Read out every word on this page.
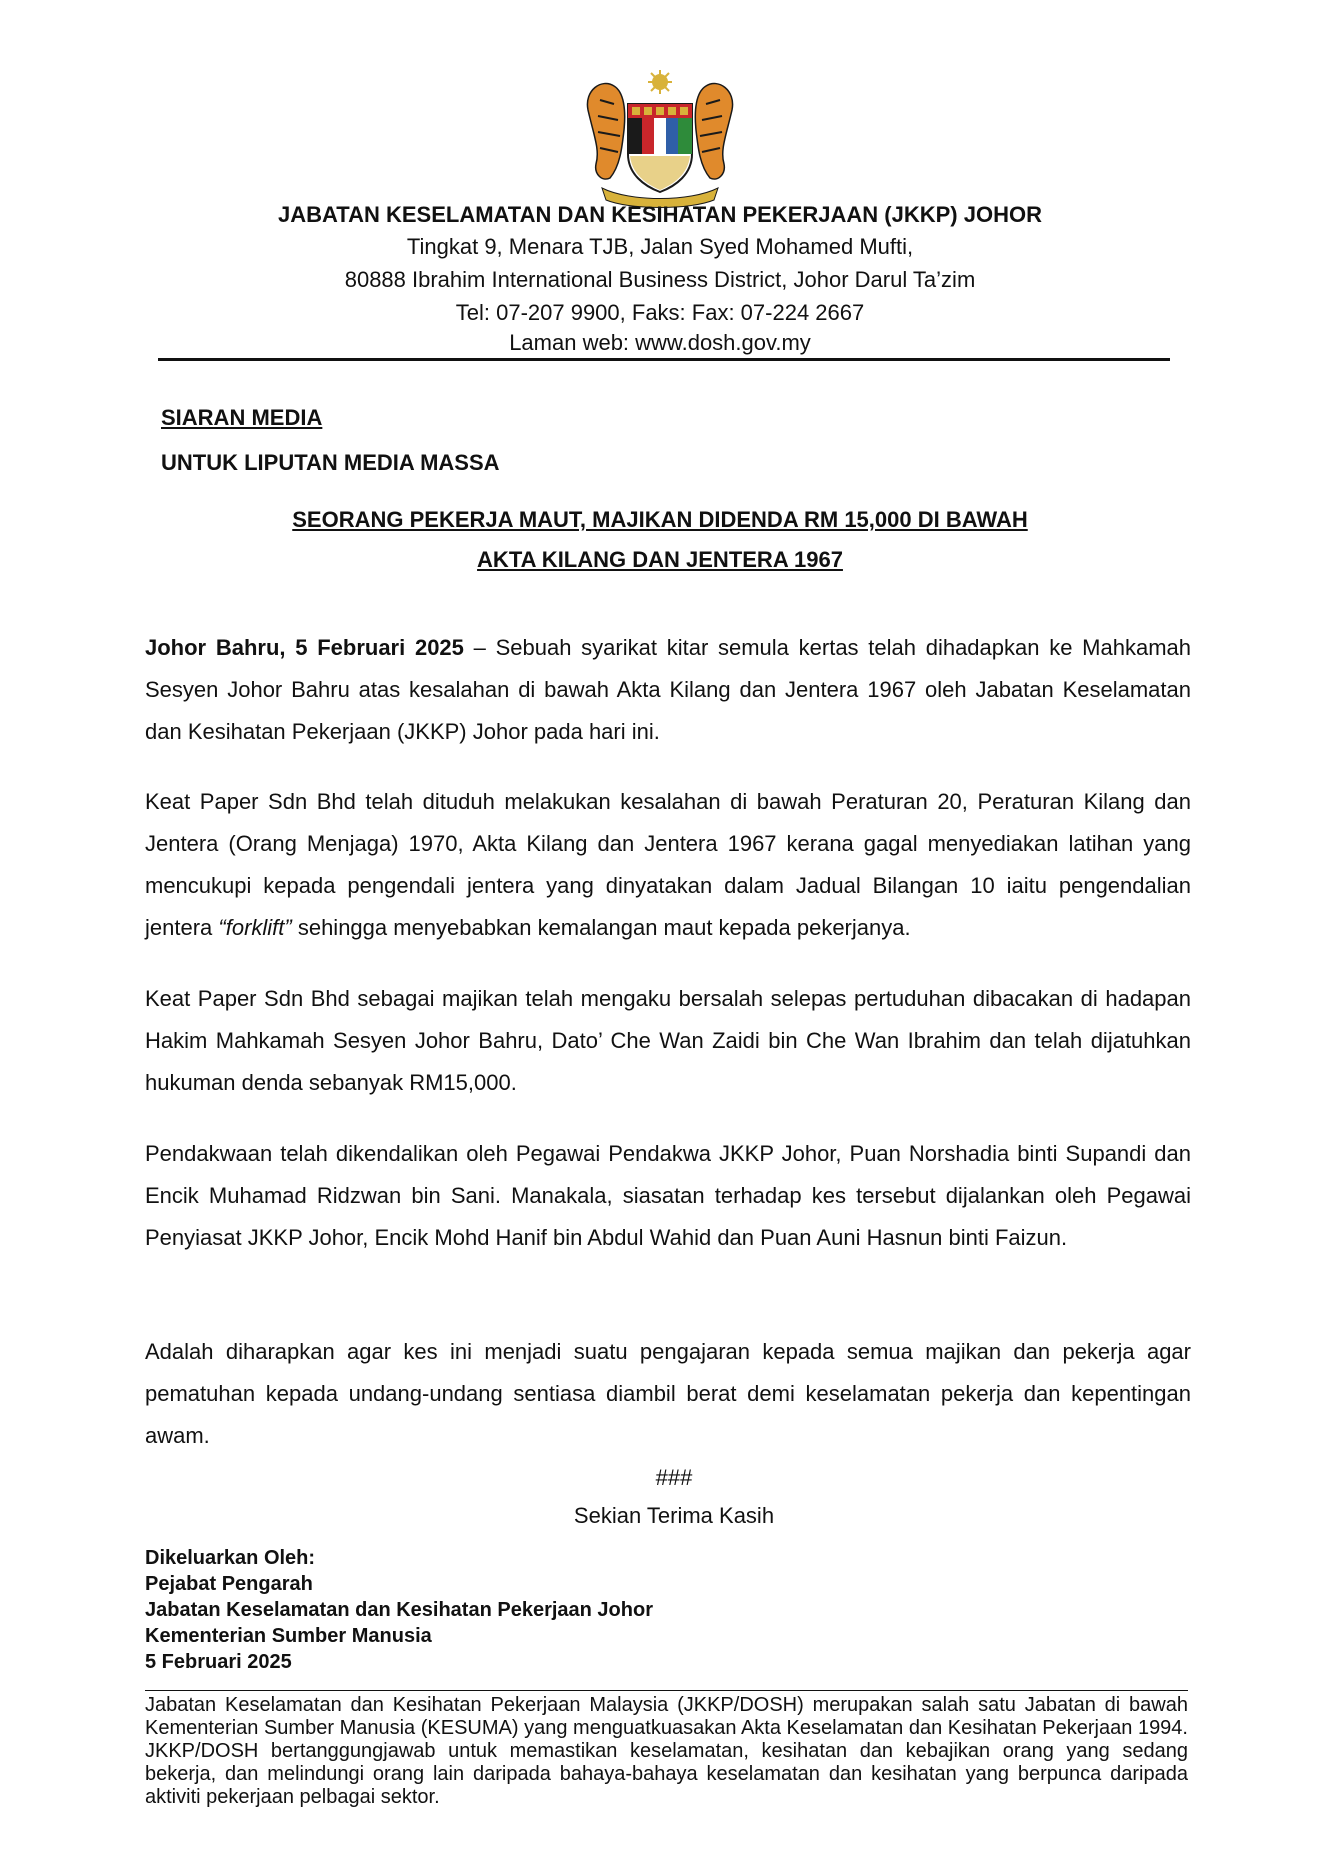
JABATAN KESELAMATAN DAN KESIHATAN PEKERJAAN (JKKP) JOHOR
Tingkat 9, Menara TJB, Jalan Syed Mohamed Mufti,
80888 Ibrahim International Business District, Johor Darul Ta’zim
Tel: 07-207 9900, Faks: Fax: 07-224 2667
Laman web: www.dosh.gov.my
SIARAN MEDIA
UNTUK LIPUTAN MEDIA MASSA
SEORANG PEKERJA MAUT, MAJIKAN DIDENDA RM 15,000 DI BAWAH
AKTA KILANG DAN JENTERA 1967

Johor Bahru, 5 Februari 2025 – Sebuah syarikat kitar semula kertas telah dihadapkan ke Mahkamah Sesyen Johor Bahru atas kesalahan di bawah Akta Kilang dan Jentera 1967 oleh Jabatan Keselamatan dan Kesihatan Pekerjaan (JKKP) Johor pada hari ini.

Keat Paper Sdn Bhd telah dituduh melakukan kesalahan di bawah Peraturan 20, Peraturan Kilang dan Jentera (Orang Menjaga) 1970, Akta Kilang dan Jentera 1967 kerana gagal menyediakan latihan yang mencukupi kepada pengendali jentera yang dinyatakan dalam Jadual Bilangan 10 iaitu pengendalian jentera “forklift” sehingga menyebabkan kemalangan maut kepada pekerjanya.

Keat Paper Sdn Bhd sebagai majikan telah mengaku bersalah selepas pertuduhan dibacakan di hadapan Hakim Mahkamah Sesyen Johor Bahru, Dato’ Che Wan Zaidi bin Che Wan Ibrahim dan telah dijatuhkan hukuman denda sebanyak RM15,000.

Pendakwaan telah dikendalikan oleh Pegawai Pendakwa JKKP Johor, Puan Norshadia binti Supandi dan Encik Muhamad Ridzwan bin Sani. Manakala, siasatan terhadap kes tersebut dijalankan oleh Pegawai Penyiasat JKKP Johor, Encik Mohd Hanif bin Abdul Wahid dan Puan Auni Hasnun binti Faizun.

Adalah diharapkan agar kes ini menjadi suatu pengajaran kepada semua majikan dan pekerja agar pematuhan kepada undang-undang sentiasa diambil berat demi keselamatan pekerja dan kepentingan awam.

###
Sekian Terima Kasih
Dikeluarkan Oleh:
Pejabat Pengarah
Jabatan Keselamatan dan Kesihatan Pekerjaan Johor
Kementerian Sumber Manusia
5 Februari 2025

Jabatan Keselamatan dan Kesihatan Pekerjaan Malaysia (JKKP/DOSH) merupakan salah satu Jabatan di bawah Kementerian Sumber Manusia (KESUMA) yang menguatkuasakan Akta Keselamatan dan Kesihatan Pekerjaan 1994. JKKP/DOSH bertanggungjawab untuk memastikan keselamatan, kesihatan dan kebajikan orang yang sedang bekerja, dan melindungi orang lain daripada bahaya-bahaya keselamatan dan kesihatan yang berpunca daripada aktiviti pekerjaan pelbagai sektor.
